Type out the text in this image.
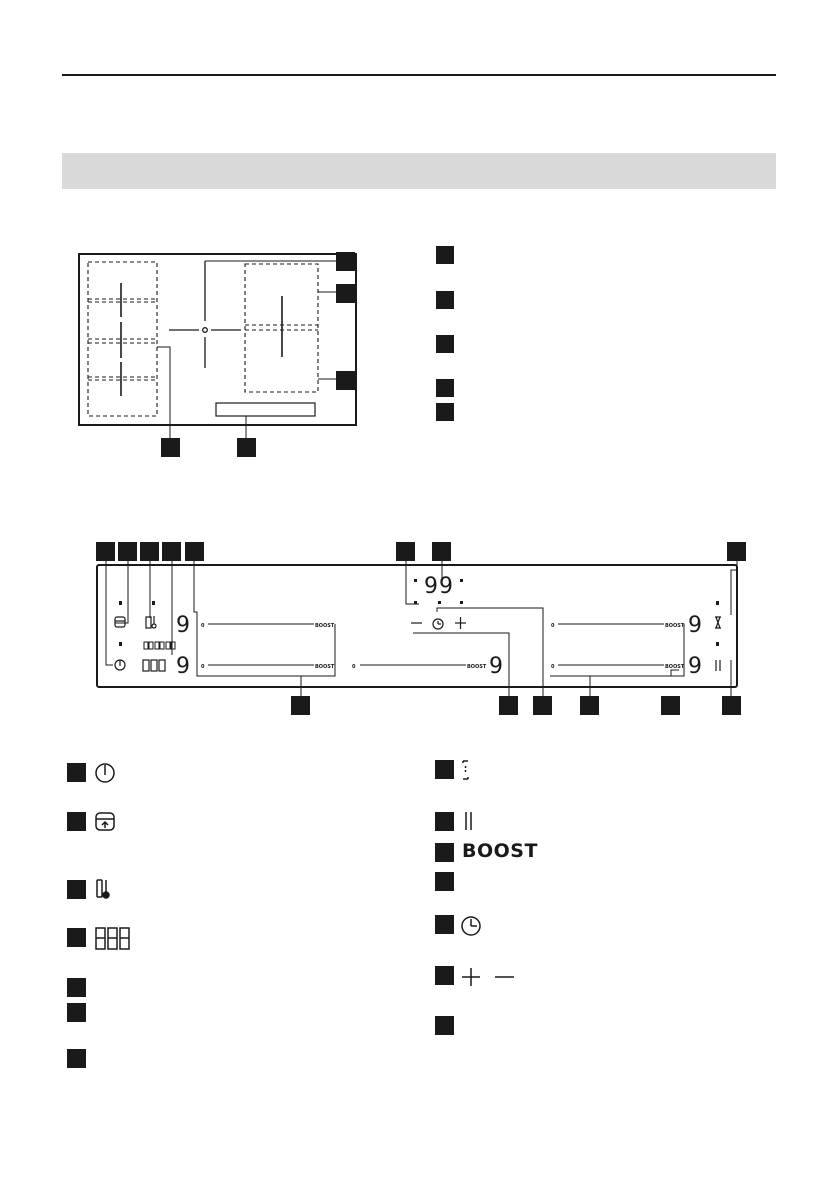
9
9	9
9
9
99
BOOST
BOOST	BOOST
BOOST
BOOST
0
0	0
0
0
BOOST
